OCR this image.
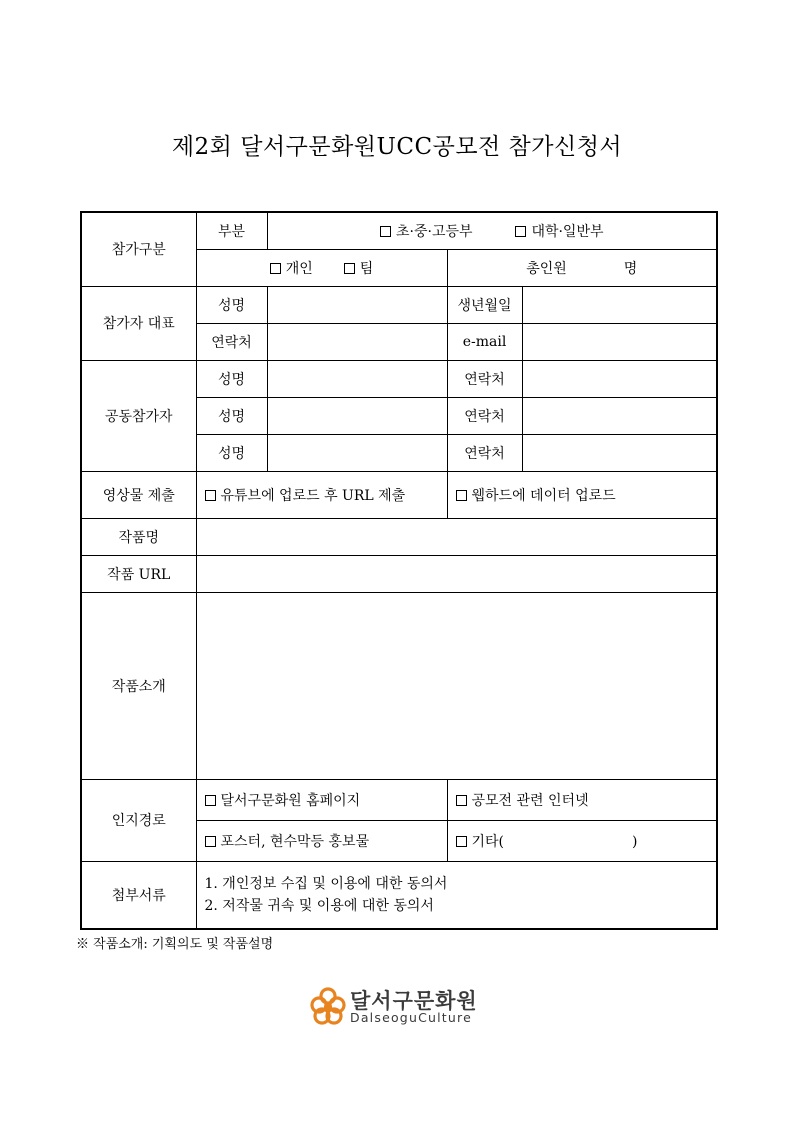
제2회 달서구문화원UCC공모전 참가신청서
참가구분	부분	초·중·고등부 대학·일반부		
	개인 팀		총인원 명	
참가자 대표	성명		생년월일	
	연락처		e-mail	
공동참가자	성명		연락처	
	성명		연락처	
	성명		연락처	
영상물 제출	유튜브에 업로드 후 URL 제출		웹하드에 데이터 업로드	
작품명				
작품 URL				
작품소개				
인지경로	달서구문화원 홈페이지		공모전 관련 인터넷	
	포스터, 현수막등 홍보물		기타( )	
첨부서류	1. 개인정보 수집 및 이용에 대한 동의서
2. 저작물 귀속 및 이용에 대한 동의서			
※ 작품소개: 기획의도 및 작품설명
달서구문화원
DalseoguCulture
